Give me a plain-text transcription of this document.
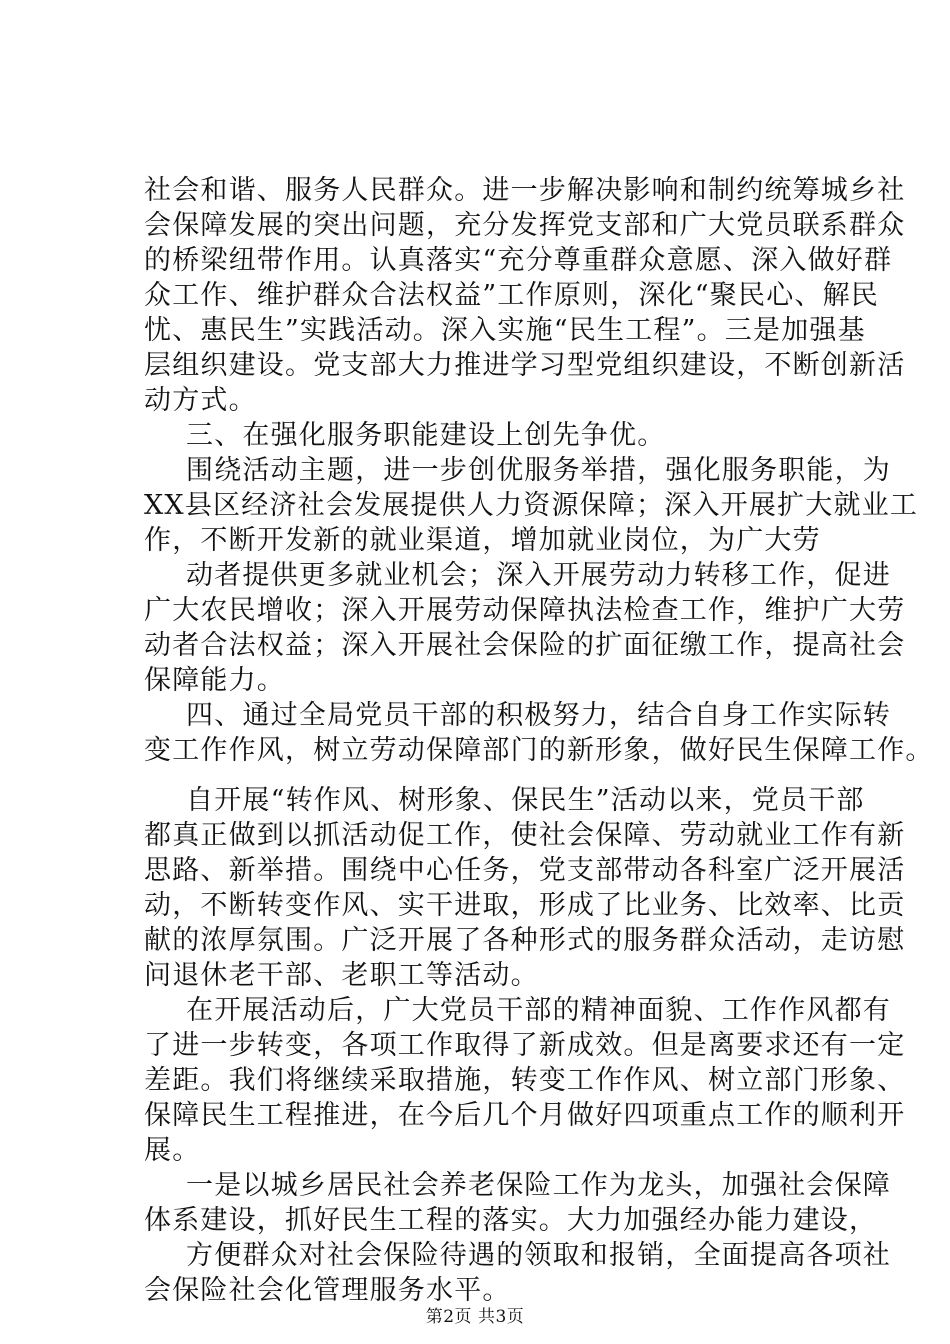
社会和谐、服务人民群众。进一步解决影响和制约统筹城乡社
会保障发展的突出问题，充分发挥党支部和广大党员联系群众
的桥梁纽带作用。认真落实“充分尊重群众意愿、深入做好群
众工作、维护群众合法权益”工作原则，深化“聚民心、解民
忧、惠民生”实践活动。深入实施“民生工程”。三是加强基
层组织建设。党支部大力推进学习型党组织建设，不断创新活
动方式。
三、在强化服务职能建设上创先争优。
围绕活动主题，进一步创优服务举措，强化服务职能，为
XX县区经济社会发展提供人力资源保障；深入开展扩大就业工
作，不断开发新的就业渠道，增加就业岗位，为广大劳
动者提供更多就业机会；深入开展劳动力转移工作，促进
广大农民增收；深入开展劳动保障执法检查工作，维护广大劳
动者合法权益；深入开展社会保险的扩面征缴工作，提高社会
保障能力。
四、通过全局党员干部的积极努力，结合自身工作实际转
变工作作风，树立劳动保障部门的新形象，做好民生保障工作。
自开展“转作风、树形象、保民生”活动以来，党员干部
都真正做到以抓活动促工作，使社会保障、劳动就业工作有新
思路、新举措。围绕中心任务，党支部带动各科室广泛开展活
动，不断转变作风、实干进取，形成了比业务、比效率、比贡
献的浓厚氛围。广泛开展了各种形式的服务群众活动，走访慰
问退休老干部、老职工等活动。
在开展活动后，广大党员干部的精神面貌、工作作风都有
了进一步转变，各项工作取得了新成效。但是离要求还有一定
差距。我们将继续采取措施，转变工作作风、树立部门形象、
保障民生工程推进，在今后几个月做好四项重点工作的顺利开
展。
一是以城乡居民社会养老保险工作为龙头，加强社会保障
体系建设，抓好民生工程的落实。大力加强经办能力建设，
方便群众对社会保险待遇的领取和报销，全面提高各项社
会保险社会化管理服务水平。
第2页 共3页
